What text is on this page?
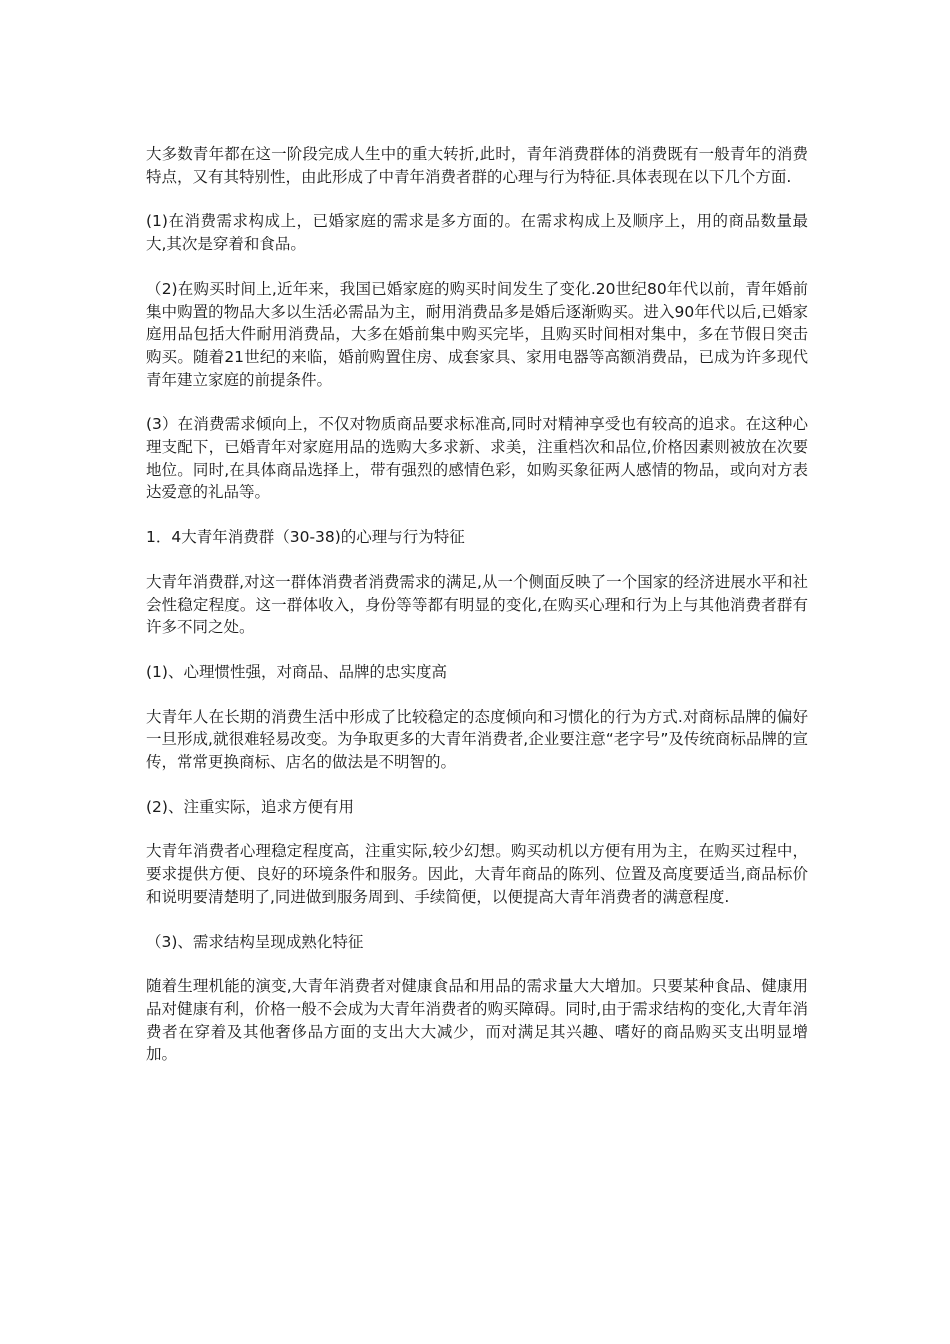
大多数青年都在这一阶段完成人生中的重大转折,此时，青年消费群体的消费既有一般青年的消费特点，又有其特别性，由此形成了中青年消费者群的心理与行为特征.具体表现在以下几个方面.

(1)在消费需求构成上，已婚家庭的需求是多方面的。在需求构成上及顺序上，用的商品数量最大,其次是穿着和食品。

（2)在购买时间上,近年来，我国已婚家庭的购买时间发生了变化.20世纪80年代以前，青年婚前集中购置的物品大多以生活必需品为主，耐用消费品多是婚后逐渐购买。进入90年代以后,已婚家庭用品包括大件耐用消费品，大多在婚前集中购买完毕，且购买时间相对集中，多在节假日突击购买。随着21世纪的来临，婚前购置住房、成套家具、家用电器等高额消费品，已成为许多现代青年建立家庭的前提条件。

(3）在消费需求倾向上，不仅对物质商品要求标准高,同时对精神享受也有较高的追求。在这种心理支配下，已婚青年对家庭用品的选购大多求新、求美，注重档次和品位,价格因素则被放在次要地位。同时,在具体商品选择上，带有强烈的感情色彩，如购买象征两人感情的物品，或向对方表达爱意的礼品等。

1．4大青年消费群（30-38)的心理与行为特征

大青年消费群,对这一群体消费者消费需求的满足,从一个侧面反映了一个国家的经济进展水平和社会性稳定程度。这一群体收入，身份等等都有明显的变化,在购买心理和行为上与其他消费者群有许多不同之处。

(1)、心理惯性强，对商品、品牌的忠实度高

大青年人在长期的消费生活中形成了比较稳定的态度倾向和习惯化的行为方式.对商标品牌的偏好一旦形成,就很难轻易改变。为争取更多的大青年消费者,企业要注意“老字号”及传统商标品牌的宣传，常常更换商标、店名的做法是不明智的。

(2)、注重实际，追求方便有用

大青年消费者心理稳定程度高，注重实际,较少幻想。购买动机以方便有用为主，在购买过程中，要求提供方便、良好的环境条件和服务。因此，大青年商品的陈列、位置及高度要适当,商品标价和说明要清楚明了,同进做到服务周到、手续简便，以便提高大青年消费者的满意程度.

（3)、需求结构呈现成熟化特征

随着生理机能的演变,大青年消费者对健康食品和用品的需求量大大增加。只要某种食品、健康用品对健康有利，价格一般不会成为大青年消费者的购买障碍。同时,由于需求结构的变化,大青年消费者在穿着及其他奢侈品方面的支出大大减少，而对满足其兴趣、嗜好的商品购买支出明显增加。
